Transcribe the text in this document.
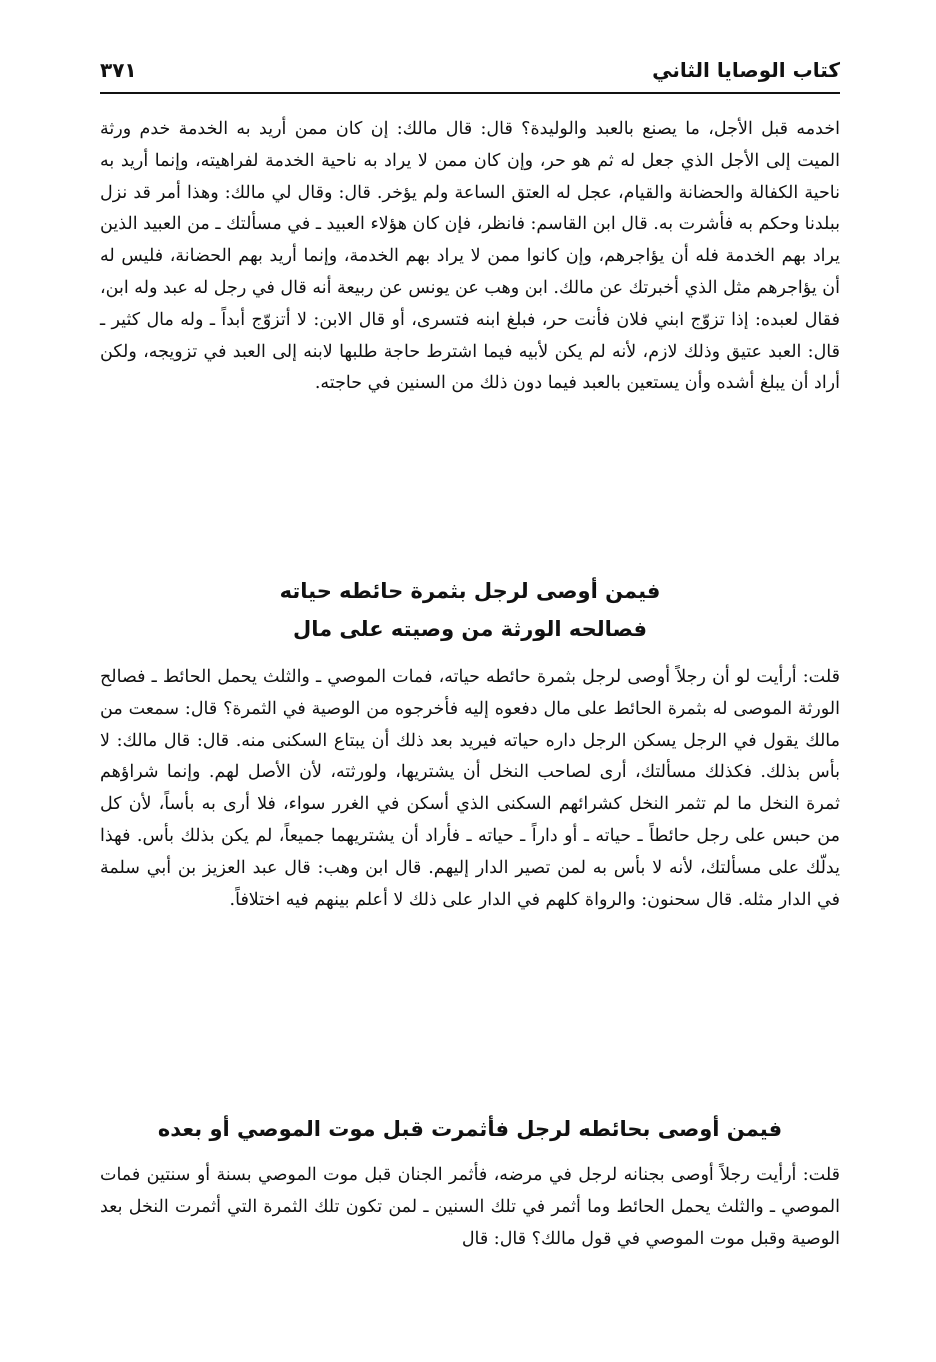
كتاب الوصايا الثاني
٣٧١

اخدمه قبل الأجل، ما يصنع بالعبد والوليدة؟ قال: قال مالك: إن كان ممن أريد به الخدمة خدم ورثة الميت إلى الأجل الذي جعل له ثم هو حر، وإن كان ممن لا يراد به ناحية الخدمة لفراهيته، وإنما أريد به ناحية الكفالة والحضانة والقيام، عجل له العتق الساعة ولم يؤخر. قال: وقال لي مالك: وهذا أمر قد نزل ببلدنا وحكم به فأشرت به. قال ابن القاسم: فانظر، فإن كان هؤلاء العبيد ـ في مسألتك ـ من العبيد الذين يراد بهم الخدمة فله أن يؤاجرهم، وإن كانوا ممن لا يراد بهم الخدمة، وإنما أريد بهم الحضانة، فليس له أن يؤاجرهم مثل الذي أخبرتك عن مالك. ابن وهب عن يونس عن ربيعة أنه قال في رجل له عبد وله ابن، فقال لعبده: إذا تزوّج ابني فلان فأنت حر، فبلغ ابنه فتسرى، أو قال الابن: لا أتزوّج أبداً ـ وله مال كثير ـ قال: العبد عتيق وذلك لازم، لأنه لم يكن لأبيه فيما اشترط حاجة طلبها لابنه إلى العبد في تزويجه، ولكن أراد أن يبلغ أشده وأن يستعين بالعبد فيما دون ذلك من السنين في حاجته.

فيمن أوصى لرجل بثمرة حائطه حياته
فصالحه الورثة من وصيته على مال

قلت: أرأيت لو أن رجلاً أوصى لرجل بثمرة حائطه حياته، فمات الموصي ـ والثلث يحمل الحائط ـ فصالح الورثة الموصى له بثمرة الحائط على مال دفعوه إليه فأخرجوه من الوصية في الثمرة؟ قال: سمعت من مالك يقول في الرجل يسكن الرجل داره حياته فيريد بعد ذلك أن يبتاع السكنى منه. قال: قال مالك: لا بأس بذلك. فكذلك مسألتك، أرى لصاحب النخل أن يشتريها، ولورثته، لأن الأصل لهم. وإنما شراؤهم ثمرة النخل ما لم تثمر النخل كشرائهم السكنى الذي أسكن في الغرر سواء، فلا أرى به بأساً، لأن كل من حبس على رجل حائطاً ـ حياته ـ أو داراً ـ حياته ـ فأراد أن يشتريهما جميعاً، لم يكن بذلك بأس. فهذا يدلّك على مسألتك، لأنه لا بأس به لمن تصير الدار إليهم. قال ابن وهب: قال عبد العزيز بن أبي سلمة في الدار مثله. قال سحنون: والرواة كلهم في الدار على ذلك لا أعلم بينهم فيه اختلافاً.

فيمن أوصى بحائطه لرجل فأثمرت قبل موت الموصي أو بعده

قلت: أرأيت رجلاً أوصى بجنانه لرجل في مرضه، فأثمر الجنان قبل موت الموصي بسنة أو سنتين فمات الموصي ـ والثلث يحمل الحائط وما أثمر في تلك السنين ـ لمن تكون تلك الثمرة التي أثمرت النخل بعد الوصية وقبل موت الموصي في قول مالك؟ قال: قال
